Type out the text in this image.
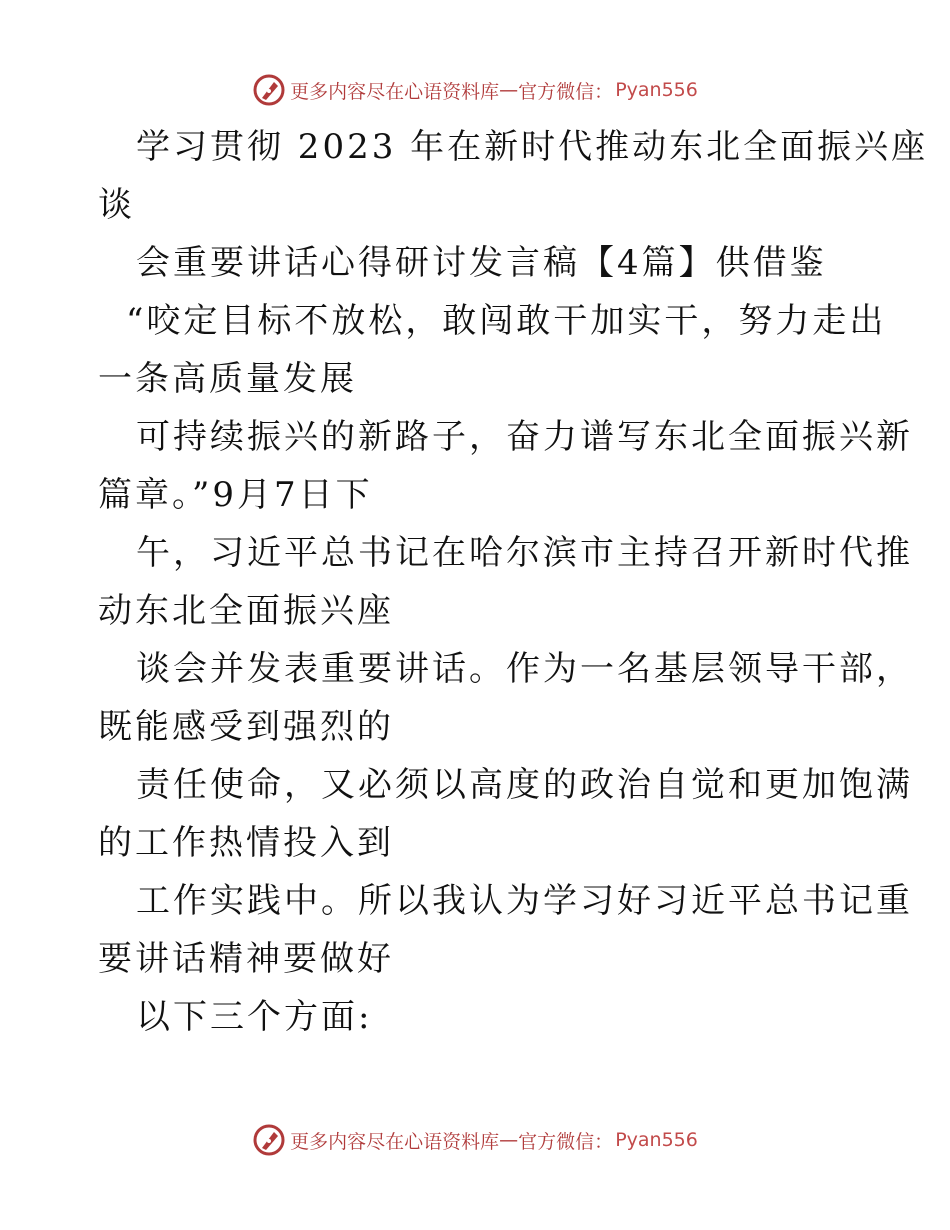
更多内容尽在心语资料库 — 官方微信： Pyan556
学习贯彻 2023 年在新时代推动东北全面振兴座
谈
会重要讲话心得研讨发言稿【4篇】供借鉴
“咬定目标不放松，敢闯敢干加实干，努力走出
一条高质量发展
可持续振兴的新路子，奋力谱写东北全面振兴新
篇章。”9月7日下
午，习近平总书记在哈尔滨市主持召开新时代推
动东北全面振兴座
谈会并发表重要讲话。作为一名基层领导干部，
既能感受到强烈的
责任使命，又必须以高度的政治自觉和更加饱满
的工作热情投入到
工作实践中。所以我认为学习好习近平总书记重
要讲话精神要做好
以下三个方面:
更多内容尽在心语资料库 — 官方微信： Pyan556
